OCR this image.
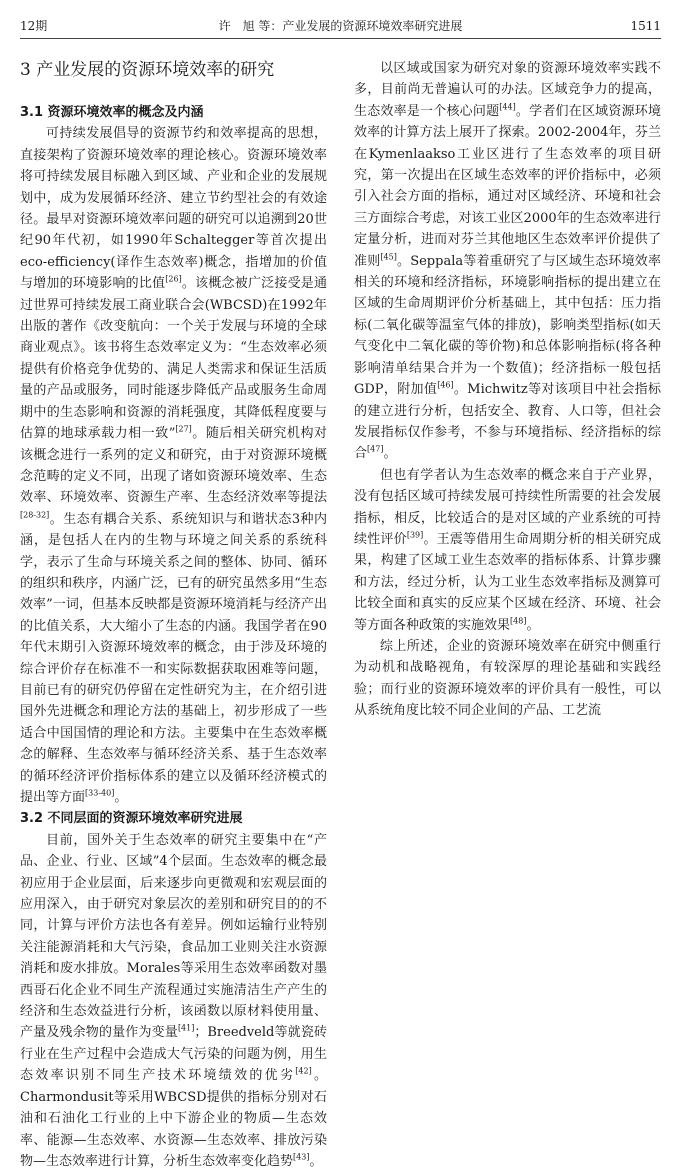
12期	许　旭 等：产业发展的资源环境效率研究进展	1511
3 产业发展的资源环境效率的研究
3.1 资源环境效率的概念及内涵

可持续发展倡导的资源节约和效率提高的思想，直接架构了资源环境效率的理论核心。资源环境效率将可持续发展目标融入到区域、产业和企业的发展规划中，成为发展循环经济、建立节约型社会的有效途径。最早对资源环境效率问题的研究可以追溯到20世纪90年代初，如1990年Schaltegger等首次提出eco-efficiency(译作生态效率)概念，指增加的价值与增加的环境影响的比值[26]。该概念被广泛接受是通过世界可持续发展工商业联合会(WBCSD)在1992年出版的著作《改变航向：一个关于发展与环境的全球商业观点》。该书将生态效率定义为：“生态效率必须提供有价格竞争优势的、满足人类需求和保证生活质量的产品或服务，同时能逐步降低产品或服务生命周期中的生态影响和资源的消耗强度，其降低程度要与估算的地球承载力相一致”[27]。随后相关研究机构对该概念进行一系列的定义和研究，由于对资源环境概念范畴的定义不同，出现了诸如资源环境效率、生态效率、环境效率、资源生产率、生态经济效率等提法[28-32]。生态有耦合关系、系统知识与和谐状态3种内涵，是包括人在内的生物与环境之间关系的系统科学，表示了生命与环境关系之间的整体、协同、循环的组织和秩序，内涵广泛，已有的研究虽然多用“生态效率”一词，但基本反映都是资源环境消耗与经济产出的比值关系，大大缩小了生态的内涵。我国学者在90年代末期引入资源环境效率的概念，由于涉及环境的综合评价存在标准不一和实际数据获取困难等问题，目前已有的研究仍停留在定性研究为主，在介绍引进国外先进概念和理论方法的基础上，初步形成了一些适合中国国情的理论和方法。主要集中在生态效率概念的解释、生态效率与循环经济关系、基于生态效率的循环经济评价指标体系的建立以及循环经济模式的提出等方面[33-40]。

3.2 不同层面的资源环境效率研究进展

目前，国外关于生态效率的研究主要集中在“产品、企业、行业、区域”4个层面。生态效率的概念最初应用于企业层面，后来逐步向更微观和宏观层面的应用深入，由于研究对象层次的差别和研究目的的不同，计算与评价方法也各有差异。例如运输行业特别关注能源消耗和大气污染，食品加工业则关注水资源消耗和废水排放。Morales等采用生态效率函数对墨西哥石化企业不同生产流程通过实施清洁生产产生的经济和生态效益进行分析，该函数以原材料使用量、产量及残余物的量作为变量[41]；Breedveld等就瓷砖行业在生产过程中会造成大气污染的问题为例，用生态效率识别不同生产技术环境绩效的优劣[42]。Charmondusit等采用WBCSD提供的指标分别对石油和石油化工行业的上中下游企业的物质—生态效率、能源—生态效率、水资源—生态效率、排放污染物—生态效率进行计算，分析生态效率变化趋势[43]。

以区域或国家为研究对象的资源环境效率实践不多，目前尚无普遍认可的办法。区域竞争力的提高，生态效率是一个核心问题[44]。学者们在区域资源环境效率的计算方法上展开了探索。2002-2004年，芬兰在Kymenlaakso工业区进行了生态效率的项目研究，第一次提出在区域生态效率的评价指标中，必须引入社会方面的指标，通过对区域经济、环境和社会三方面综合考虑，对该工业区2000年的生态效率进行定量分析，进而对芬兰其他地区生态效率评价提供了准则[45]。Seppala等着重研究了与区域生态环境效率相关的环境和经济指标，环境影响指标的提出建立在区域的生命周期评价分析基础上，其中包括：压力指标(二氧化碳等温室气体的排放)，影响类型指标(如天气变化中二氧化碳的等价物)和总体影响指标(将各种影响清单结果合并为一个数值)；经济指标一般包括GDP，附加值[46]。Michwitz等对该项目中社会指标的建立进行分析，包括安全、教育、人口等，但社会发展指标仅作参考，不参与环境指标、经济指标的综合[47]。

但也有学者认为生态效率的概念来自于产业界，没有包括区域可持续发展可持续性所需要的社会发展指标，相反，比较适合的是对区域的产业系统的可持续性评价[39]。王震等借用生命周期分析的相关研究成果，构建了区域工业生态效率的指标体系、计算步骤和方法，经过分析，认为工业生态效率指标及测算可比较全面和真实的反应某个区域在经济、环境、社会等方面各种政策的实施效果[48]。

综上所述，企业的资源环境效率在研究中侧重行为动机和战略视角，有较深厚的理论基础和实践经验；而行业的资源环境效率的评价具有一般性，可以从系统角度比较不同企业间的产品、工艺流
